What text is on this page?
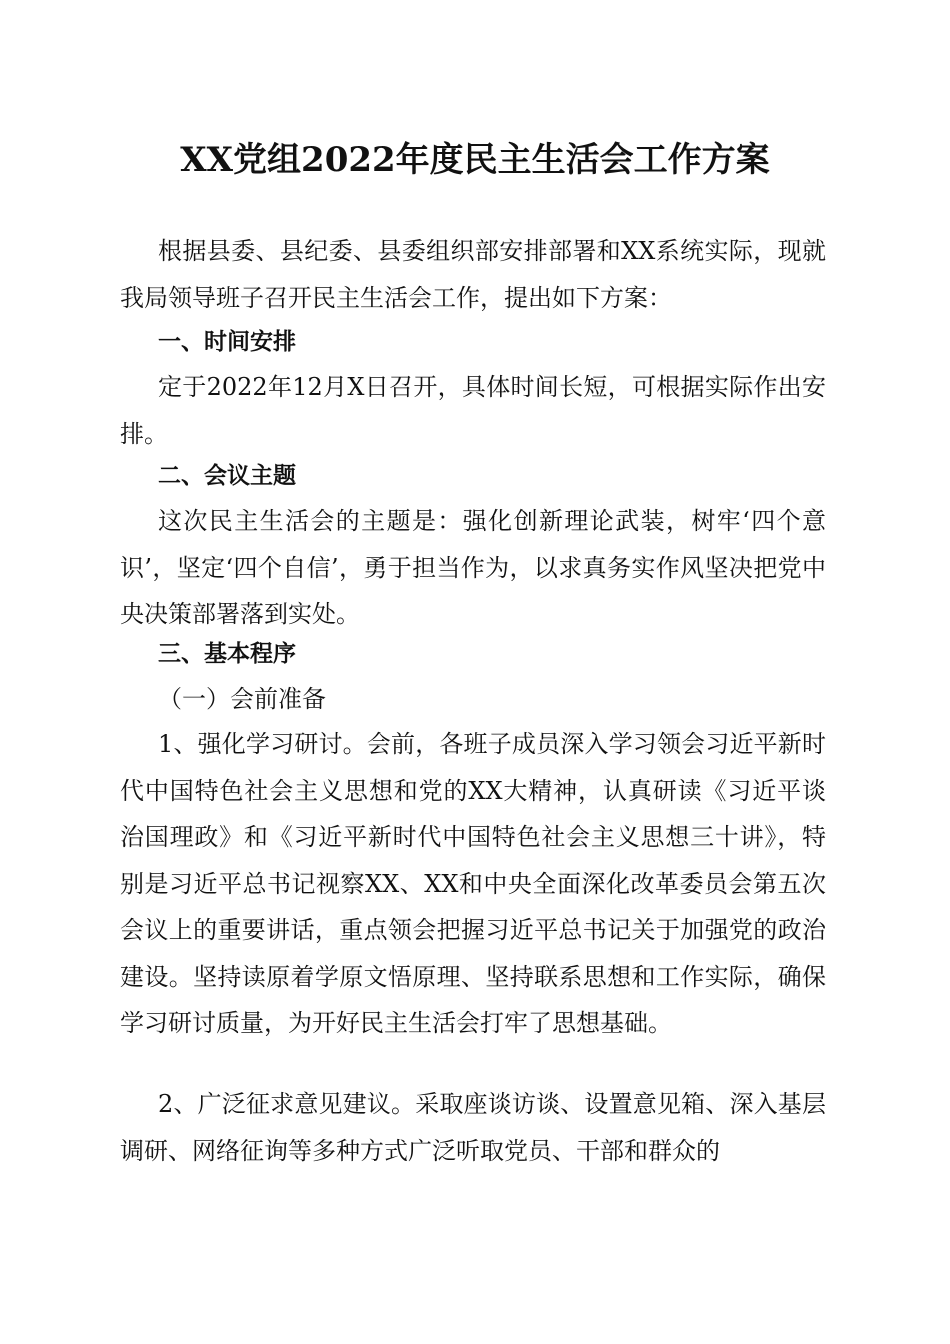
XX党组2022年度民主生活会工作方案

根据县委、县纪委、县委组织部安排部署和XX系统实际，现就我局领导班子召开民主生活会工作，提出如下方案：

一、时间安排

定于2022年12月X日召开，具体时间长短，可根据实际作出安排。

二、会议主题

这次民主生活会的主题是：强化创新理论武装，树牢‘四个意识’，坚定‘四个自信’，勇于担当作为，以求真务实作风坚决把党中央决策部署落到实处。

三、基本程序

（一）会前准备

1、强化学习研讨。会前，各班子成员深入学习领会习近平新时代中国特色社会主义思想和党的XX大精神，认真研读《习近平谈治国理政》和《习近平新时代中国特色社会主义思想三十讲》，特别是习近平总书记视察XX、XX和中央全面深化改革委员会第五次会议上的重要讲话，重点领会把握习近平总书记关于加强党的政治建设。坚持读原着学原文悟原理、坚持联系思想和工作实际，确保学习研讨质量，为开好民主生活会打牢了思想基础。

2、广泛征求意见建议。采取座谈访谈、设置意见箱、深入基层调研、网络征询等多种方式广泛听取党员、干部和群众的
